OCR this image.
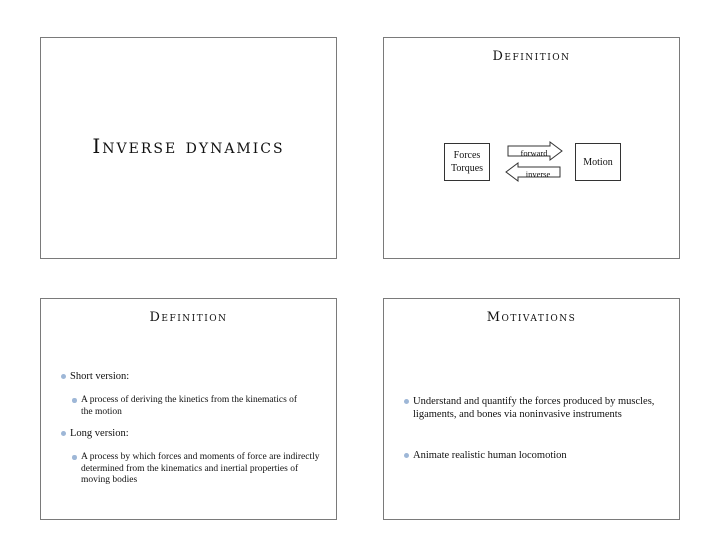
Inverse dynamics
Definition
Forces
Torques
forward
inverse
Motion
Definition
Short version:
A process of deriving the kinetics from the kinematics of the motion
Long version:
A process by which forces and moments of force are indirectly determined from the kinematics and inertial properties of moving bodies
Motivations
Understand and quantify the forces produced by muscles, ligaments, and bones via noninvasive instruments
Animate realistic human locomotion
